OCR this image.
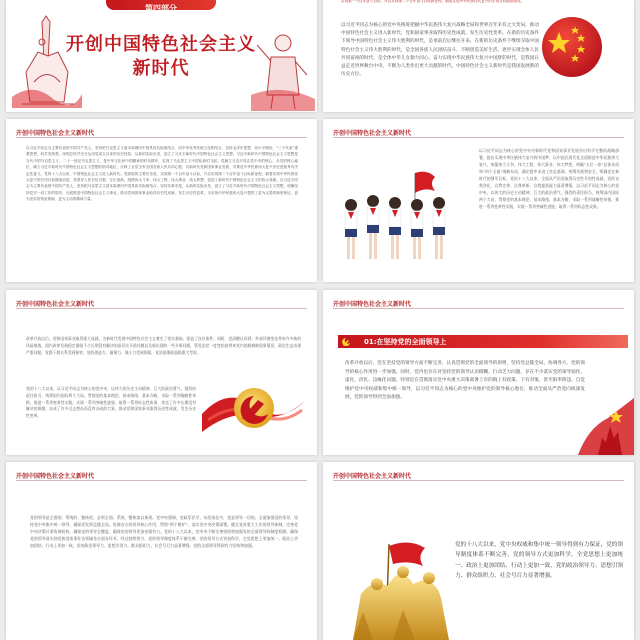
第四部分
开创中国特色社会主义
新时代
实现第一个百年奋斗目标、开启实现第二个百年奋斗目标新征程、朝着实现中华民族伟大复兴的宏伟目标继续前进。
以习近平同志为核心的党中央统筹把握中华民族伟大复兴战略全局和世界百年未有之大变局，推动中国特色社会主义进入新时代，党和国家事业取得历史性成就、发生历史性变革。在新的历史条件下领导中国特色社会主义伟大胜利的时代，是承前启后继往开来、在新的历史条件下继续夺取中国特色社会主义伟大胜利的时代，是全国各族人民团结奋斗、不断创造美好生活、逐步实现全体人民共同富裕的时代，是全体中华儿女勠力同心、奋力实现中华民族伟大复兴中国梦的时代，是我国日益走近世界舞台中央、不断为人类作出更大贡献的时代。中国特色社会主义新时代是我国发展新的历史方位。
开创中国特色社会主义新时代
以习近平同志为主要代表的中国共产党人，坚持把马克思主义基本原理同中国具体实际相结合、同中华优秀传统文化相结合，坚持毛泽东思想、邓小平理论、“三个代表”重要思想、科学发展观，深刻总结并充分运用党成立以来的历史经验，从新的实际出发，创立了习近平新时代中国特色社会主义思想。习近平新时代中国特色社会主义思想是当代中国马克思主义、二十一世纪马克思主义，是中华文化和中国精神的时代精华，实现了马克思主义中国化新的飞跃。党确立习近平同志党中央的核心、全党的核心地位，确立习近平新时代中国特色社会主义思想的指导地位，反映了全党全军全国各族人民共同心愿，对新时代党和国家事业发展、对推进中华民族伟大复兴历史进程具有决定性意义。党的十八大以来，中国特色社会主义进入新时代。党面临的主要任务是，实现第一个百年奋斗目标，开启实现第二个百年奋斗目标新征程，朝着实现中华民族伟大复兴的宏伟目标继续前进。党领导人民自信自强、守正创新，统揽伟大斗争、伟大工程、伟大事业、伟大梦想，创造了新时代中国特色社会主义的伟大成就。以习近平同志为主要代表的中国共产党人，坚持把马克思主义基本原理同中国具体实际相结合，坚持实事求是，从新的实际出发，创立了习近平新时代中国特色社会主义思想，明确坚持党对一切工作的领导，全面推进中国特色社会主义事业，推动党和国家事业取得历史性成就、发生历史性变革，为实现中华民族伟大复兴提供了更为完善的制度保证、更为坚实的物质基础、更为主动的精神力量。
开创中国特色社会主义新时代
以习近平同志为核心的党中央对新时代党和国家事业发展作出科学完整的战略部署，提出实现中华民族伟大复兴的中国梦，以中国式现代化全面推进中华民族伟大复兴，统揽伟大斗争、伟大工程、伟大事业、伟大梦想，明确“五位一体”总体布局和“四个全面”战略布局，确定稳中求进工作总基调，统筹发展和安全，明确党在新时代的强军目标。党的十八大以来，全面从严治党取得历史性开创性成就，党的自我净化、自我完善、自我革新、自我提高能力显著增强。以习近平同志为核心的党中央，以伟大的历史主动精神、巨大的政治勇气、强烈的责任担当，统筹国内国际两个大局，贯彻党的基本理论、基本路线、基本方略，采取一系列战略性举措，推进一系列变革性实践，实现一系列突破性进展，取得一系列标志性成果。
开创中国特色社会主义新时代
改革开放以后，党和国家事业取得重大成就，为新时代发展中国特色社会主义奠定了坚实基础、创造了良好条件。同时，党清醒认识到，外部环境变化带来许多新的风险挑战，国内改革发展稳定面临不少长期没有解决的深层次矛盾问题以及新出现的一些矛盾问题，管党治党一度宽松软带来党内消极腐败现象蔓延、政治生态出现严重问题，党群干群关系受到损害，党的创造力、凝聚力、战斗力受到削弱，党治国理政面临重大考验。
党的十八大以来，以习近平同志为核心的党中央，以伟大的历史主动精神、巨大的政治勇气、强烈的责任担当，统筹国内国际两个大局，贯彻党的基本理论、基本路线、基本方略，采取一系列战略性举措，推进一系列变革性实践，实现一系列突破性进展，取得一系列标志性成果，攻克了许多长期没有解决的难题，办成了许多过去想办而没有办成的大事，推动党和国家事业取得历史性成就、发生历史性变革。
开创中国特色社会主义新时代
01:在坚持党的全面领导上
改革开放以后，党在坚持党的领导方面不断完善、认真贯彻党的全面领导的原则，坚持党总揽全局、协调各方，党的领导的核心作用进一步加强。同时，党内也存在对坚持党的领导认识模糊、行动乏力问题，存在不少落实党的领导弱化、虚化、淡化、边缘化问题。特别是在贯彻落实党中央重大决策部署上有的搞上有政策、下有对策，甚至阳奉阴违。自觉维护党中央权威和集中统一领导，以习近平同志为核心的党中央维护党的领导核心地位，推动全面从严治党向纵深发展，党的领导得到全面加强。
开创中国特色社会主义新时代
党的领导是全面的、系统的、整体的，必须全面、系统、整体加以体现。党中央强调，党政军民学，东西南北中，党是领导一切的。全面加强党的领导，坚持党中央集中统一领导，确保党发挥总揽全局、协调各方的领导核心作用，贯彻“两个维护”，落实党中央决策部署。健全党对重大工作的领导体制，完善党中央决策议事协调机构，确保党的领导全覆盖，确保党的领导更加坚强有力。党的十八大以来，党中央不断完善坚持和加强党的全面领导的制度机制，确保党的领导落实到党和国家事业各领域各方面各环节。经过持续努力，党的领导制度体系不断完善，党的领导方式更加科学，全党思想上更加统一、政治上更加团结、行动上更加一致，党的政治领导力、思想引领力、群众组织力、社会号召力显著增强，党的全面领导得到有力坚持和加强。
开创中国特色社会主义新时代
党的十八大以来，党中央权威和集中统一领导得到有力保证，党的领导制度体系不断完善，党的领导方式更加科学，全党思想上更加统一、政治上更加团结、行动上更加一致，党的政治领导力、思想引领力、群众组织力、社会号召力显著增强。
